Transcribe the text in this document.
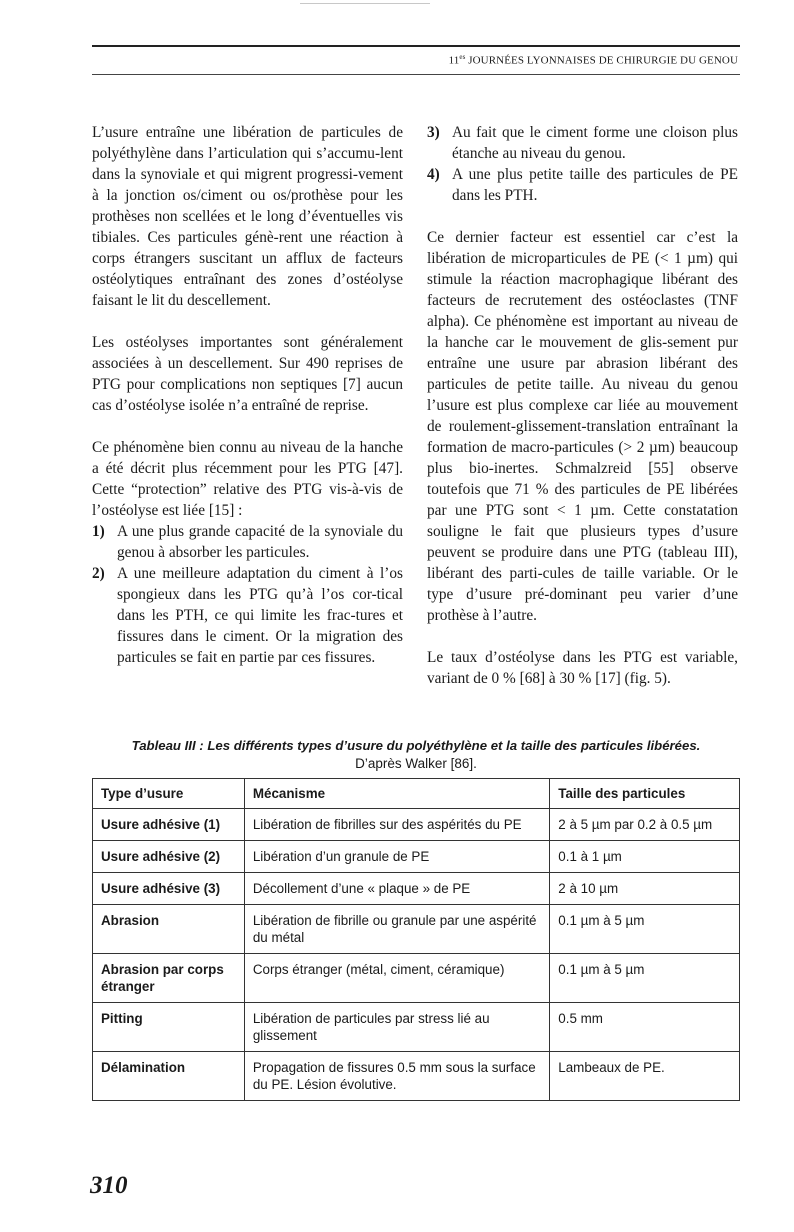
$11^{es}$ JOURNÉES LYONNAISES DE CHIRURGIE DU GENOU

L’usure entraîne une libération de particules de polyéthylène dans l’articulation qui s’accumu-lent dans la synoviale et qui migrent progressi-vement à la jonction os/ciment ou os/prothèse pour les prothèses non scellées et le long d’éventuelles vis tibiales. Ces particules génè-rent une réaction à corps étrangers suscitant un afflux de facteurs ostéolytiques entraînant des zones d’ostéolyse faisant le lit du descellement.

Les ostéolyses importantes sont généralement associées à un descellement. Sur 490 reprises de PTG pour complications non septiques [7] aucun cas d’ostéolyse isolée n’a entraîné de reprise.

Ce phénomène bien connu au niveau de la hanche a été décrit plus récemment pour les PTG [47]. Cette “protection” relative des PTG vis-à-vis de l’ostéolyse est liée [15] :

1) A une plus grande capacité de la synoviale du genou à absorber les particules.
2) A une meilleure adaptation du ciment à l’os spongieux dans les PTG qu’à l’os cor-tical dans les PTH, ce qui limite les frac-tures et fissures dans le ciment. Or la migration des particules se fait en partie par ces fissures.
3) Au fait que le ciment forme une cloison plus étanche au niveau du genou.
4) A une plus petite taille des particules de PE dans les PTH.

Ce dernier facteur est essentiel car c’est la libération de microparticules de PE (< 1 µm) qui stimule la réaction macrophagique libérant des facteurs de recrutement des ostéoclastes (TNF alpha). Ce phénomène est important au niveau de la hanche car le mouvement de glis-sement pur entraîne une usure par abrasion libérant des particules de petite taille. Au niveau du genou l’usure est plus complexe car liée au mouvement de roulement-glissement-translation entraînant la formation de macro-particules (> 2 µm) beaucoup plus bio-inertes. Schmalzreid [55] observe toutefois que 71 % des particules de PE libérées par une PTG sont < 1 µm. Cette constatation souligne le fait que plusieurs types d’usure peuvent se produire dans une PTG (tableau III), libérant des parti-cules de taille variable. Or le type d’usure pré-dominant peu varier d’une prothèse à l’autre.

Le taux d’ostéolyse dans les PTG est variable, variant de 0 % [68] à 30 % [17] (fig. 5).

Tableau III : Les différents types d’usure du polyéthylène et la taille des particules libérées.
D’après Walker [86].
Type d’usure	Mécanisme	Taille des particules
Usure adhésive (1)	Libération de fibrilles sur des aspérités du PE	2 à 5 µm par 0.2 à 0.5 µm
Usure adhésive (2)	Libération d’un granule de PE	0.1 à 1 µm
Usure adhésive (3)	Décollement d’une « plaque » de PE	2 à 10 µm
Abrasion	Libération de fibrille ou granule par une aspérité du métal	0.1 µm à 5 µm
Abrasion par corps étranger	Corps étranger (métal, ciment, céramique)	0.1 µm à 5 µm
Pitting	Libération de particules par stress lié au glissement	0.5 mm
Délamination	Propagation de fissures 0.5 mm sous la surface du PE. Lésion évolutive.	Lambeaux de PE.
310
